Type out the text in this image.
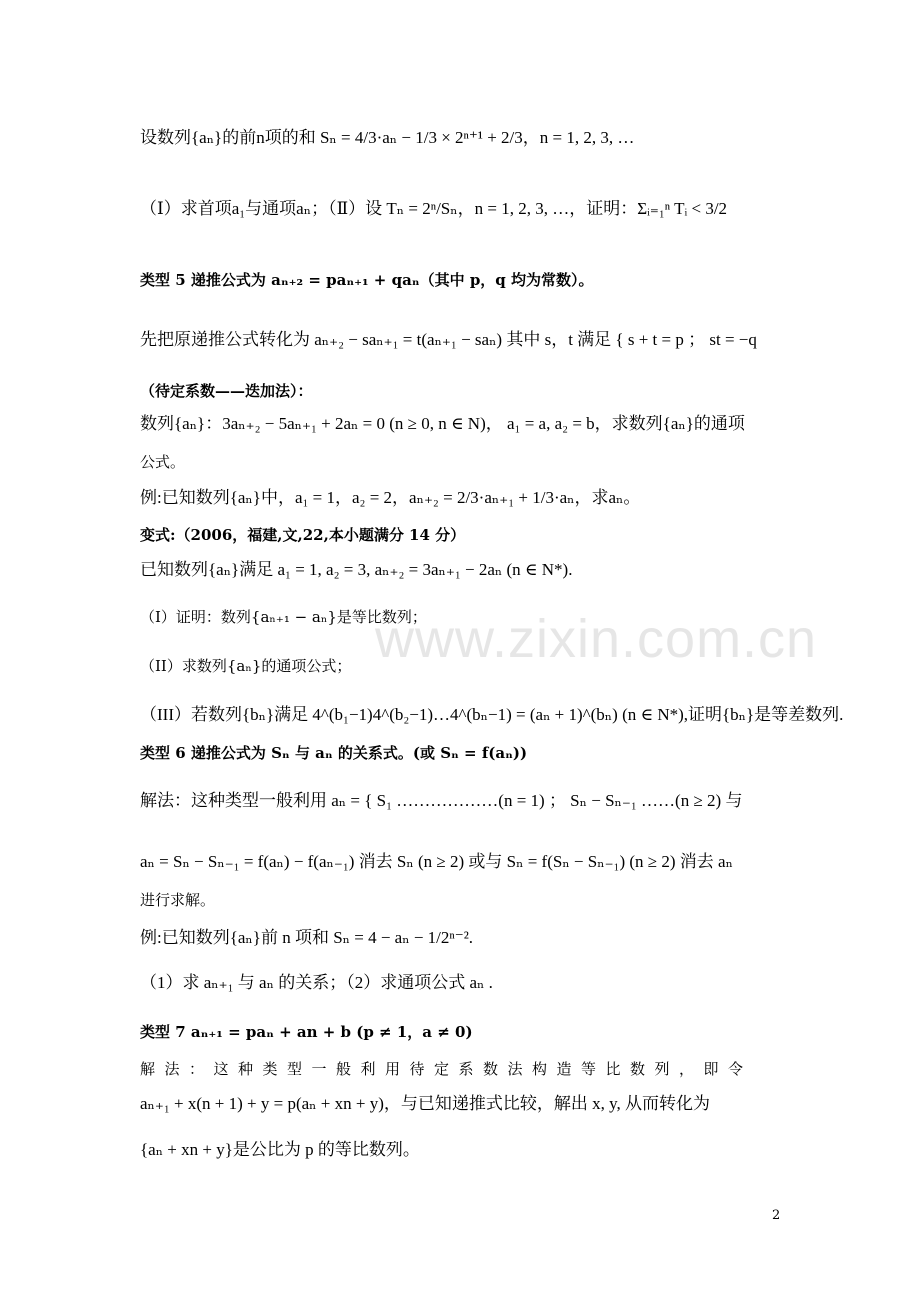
设数列{aₙ}的前n项的和 Sₙ = 4/3·aₙ − 1/3 × 2ⁿ⁺¹ + 2/3，n = 1, 2, 3, …
（Ⅰ）求首项a₁与通项aₙ；（Ⅱ）设 Tₙ = 2ⁿ/Sₙ，n = 1, 2, 3, …，证明：Σᵢ₌₁ⁿ Tᵢ < 3/2
类型 5 递推公式为 aₙ₊₂ = paₙ₊₁ + qaₙ（其中 p，q 均为常数）。
先把原递推公式转化为 aₙ₊₂ − saₙ₊₁ = t(aₙ₊₁ − saₙ) 其中 s，t 满足 { s + t = p ； st = −q
（待定系数——迭加法）：
数列{aₙ}：3aₙ₊₂ − 5aₙ₊₁ + 2aₙ = 0 (n ≥ 0, n ∈ N)， a₁ = a, a₂ = b，求数列{aₙ}的通项
公式。
例:已知数列{aₙ}中，a₁ = 1，a₂ = 2，aₙ₊₂ = 2/3·aₙ₊₁ + 1/3·aₙ，求aₙ。
变式:（2006，福建,文,22,本小题满分 14 分）
已知数列{aₙ}满足 a₁ = 1, a₂ = 3, aₙ₊₂ = 3aₙ₊₁ − 2aₙ (n ∈ N*).
（I）证明：数列{aₙ₊₁ − aₙ}是等比数列；
（II）求数列{aₙ}的通项公式；
（III）若数列{bₙ}满足 4^(b₁−1)4^(b₂−1)…4^(bₙ−1) = (aₙ + 1)^(bₙ) (n ∈ N*),证明{bₙ}是等差数列.
类型 6 递推公式为 Sₙ 与 aₙ 的关系式。(或 Sₙ = f(aₙ))
解法：这种类型一般利用 aₙ = { S₁ ………………(n = 1) ； Sₙ − Sₙ₋₁ ……(n ≥ 2) 与
aₙ = Sₙ − Sₙ₋₁ = f(aₙ) − f(aₙ₋₁) 消去 Sₙ (n ≥ 2) 或与 Sₙ = f(Sₙ − Sₙ₋₁) (n ≥ 2) 消去 aₙ
进行求解。
例:已知数列{aₙ}前 n 项和 Sₙ = 4 − aₙ − 1/2ⁿ⁻².
（1）求 aₙ₊₁ 与 aₙ 的关系；（2）求通项公式 aₙ .
类型 7 aₙ₊₁ = paₙ + an + b (p ≠ 1，a ≠ 0)
解法：这种类型一般利用待定系数法构造等比数列，即令
aₙ₊₁ + x(n + 1) + y = p(aₙ + xn + y)，与已知递推式比较，解出 x, y, 从而转化为
{aₙ + xn + y}是公比为 p 的等比数列。
www.zixin.com.cn
2
